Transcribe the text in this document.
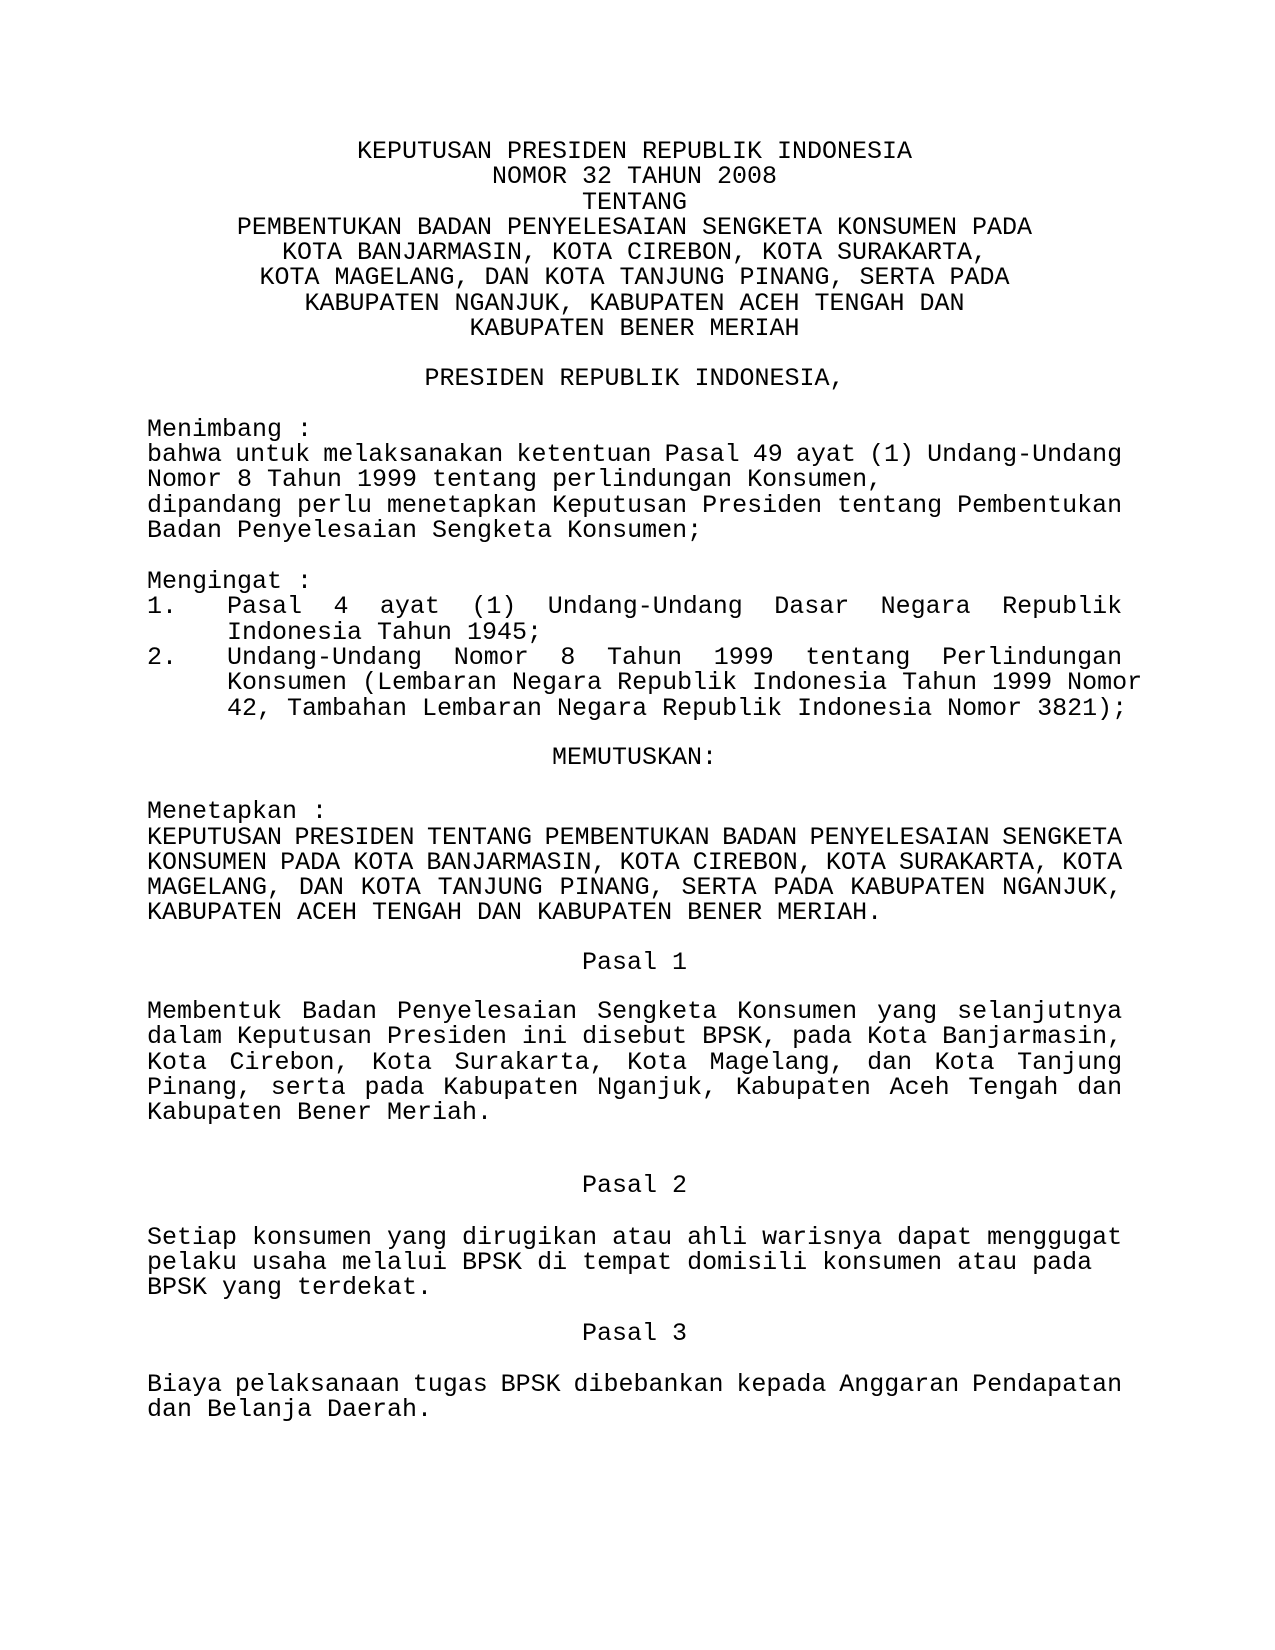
KEPUTUSAN PRESIDEN REPUBLIK INDONESIA
NOMOR 32 TAHUN 2008
TENTANG
PEMBENTUKAN BADAN PENYELESAIAN SENGKETA KONSUMEN PADA
KOTA BANJARMASIN, KOTA CIREBON, KOTA SURAKARTA,
KOTA MAGELANG, DAN KOTA TANJUNG PINANG, SERTA PADA
KABUPATEN NGANJUK, KABUPATEN ACEH TENGAH DAN
KABUPATEN BENER MERIAH
PRESIDEN REPUBLIK INDONESIA,
Menimbang :
bahwa untuk melaksanakan ketentuan Pasal 49 ayat (1) Undang-Undang
Nomor 8 Tahun 1999 tentang perlindungan Konsumen,
dipandang perlu menetapkan Keputusan Presiden tentang Pembentukan
Badan Penyelesaian Sengketa Konsumen;
Mengingat :
1.	Pasal 4 ayat (1) Undang-Undang Dasar Negara Republik
Indonesia Tahun 1945;
2.	Undang-Undang Nomor 8 Tahun 1999 tentang Perlindungan
Konsumen (Lembaran Negara Republik Indonesia Tahun 1999 Nomor
42, Tambahan Lembaran Negara Republik Indonesia Nomor 3821);
MEMUTUSKAN:
Menetapkan :
KEPUTUSAN PRESIDEN TENTANG PEMBENTUKAN BADAN PENYELESAIAN SENGKETA
KONSUMEN PADA KOTA BANJARMASIN, KOTA CIREBON, KOTA SURAKARTA, KOTA
MAGELANG, DAN KOTA TANJUNG PINANG, SERTA PADA KABUPATEN NGANJUK,
KABUPATEN ACEH TENGAH DAN KABUPATEN BENER MERIAH.
Pasal 1
Membentuk Badan Penyelesaian Sengketa Konsumen yang selanjutnya
dalam Keputusan Presiden ini disebut BPSK, pada Kota Banjarmasin,
Kota Cirebon, Kota Surakarta, Kota Magelang, dan Kota Tanjung
Pinang, serta pada Kabupaten Nganjuk, Kabupaten Aceh Tengah dan
Kabupaten Bener Meriah.
Pasal 2
Setiap konsumen yang dirugikan atau ahli warisnya dapat menggugat
pelaku usaha melalui BPSK di tempat domisili konsumen atau pada
BPSK yang terdekat.
Pasal 3
Biaya pelaksanaan tugas BPSK dibebankan kepada Anggaran Pendapatan
dan Belanja Daerah.
